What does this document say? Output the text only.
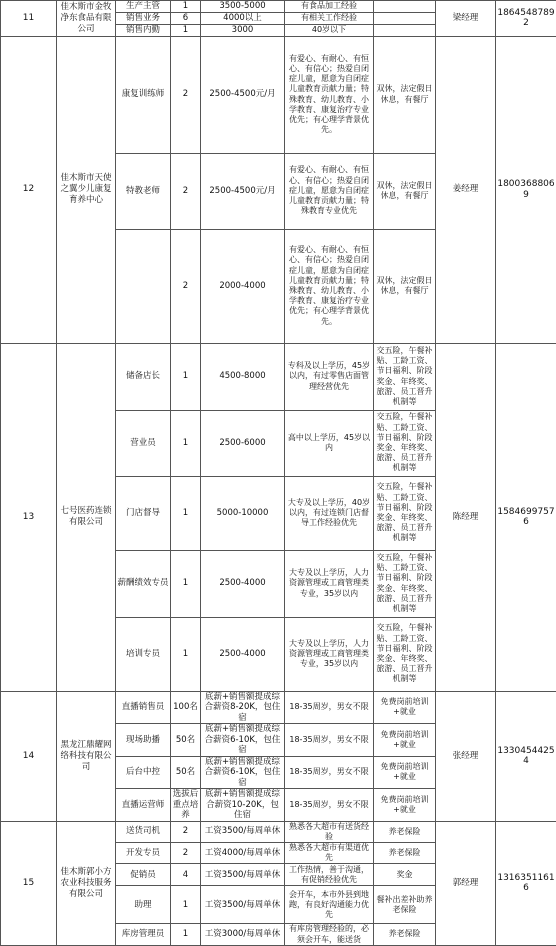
11	佳木斯市金牧净东食品有限公司	生产主管	1	3500-5000	有食品加工经验		梁经理	18645487892
		销售业务	6	4000以上	有相关工作经验			
		销售内勤	1	3000	40岁以下			
12	佳木斯市天使之翼少儿康复育养中心	康复训练师	2	2500-4500元/月	有爱心、有耐心、有恒心、有信心；热爱自闭症儿童，愿意为自闭症儿童教育贡献力量；特殊教育、幼儿教育、小学教育、康复治疗专业优先；有心理学背景优先。	双休，法定假日休息，有餐厅	姜经理	18003688069
		特教老师	2	2500-4500元/月	有爱心、有耐心、有恒心、有信心；热爱自闭症儿童，愿意为自闭症儿童教育贡献力量；特殊教育专业优先	双休，法定假日休息，有餐厅		
			2	2000-4000	有爱心、有耐心、有恒心、有信心；热爱自闭症儿童，愿意为自闭症儿童教育贡献力量；特殊教育、幼儿教育、小学教育、康复治疗专业优先；有心理学背景优先。	双休，法定假日休息，有餐厅		
13	七号医药连锁有限公司	储备店长	1	4500-8000	专科及以上学历，45岁以内，有过零售店面管理经营优先	交五险，午餐补贴、工龄工资、节日福利、阶段奖金、年终奖、旅游、员工晋升机制等	陈经理	15846997576
		营业员	1	2500-6000	高中以上学历，45岁以内	交五险，午餐补贴、工龄工资、节日福利、阶段奖金、年终奖、旅游、员工晋升机制等		
		门店督导	1	5000-10000	大专及以上学历，40岁以内，有过连锁门店督导工作经验优先	交五险，午餐补贴、工龄工资、节日福利、阶段奖金、年终奖、旅游、员工晋升机制等		
		薪酬绩效专员	1	2500-4000	大专及以上学历，人力资源管理或工商管理类专业，35岁以内	交五险，午餐补贴、工龄工资、节日福利、阶段奖金、年终奖、旅游、员工晋升机制等		
		培训专员	1	2500-4000	大专及以上学历，人力资源管理或工商管理类专业，35岁以内	交五险，午餐补贴、工龄工资、节日福利、阶段奖金、年终奖、旅游、员工晋升机制等		
14	黑龙江鼎耀网络科技有限公司	直播销售员	100名	底薪+销售额提成综合薪资8-20K，包住宿	18-35周岁，男女不限	免费岗前培训+就业	张经理	13304544254
		现场助播	50名	底薪+销售额提成综合薪资6-10K，包住宿	18-35周岁，男女不限	免费岗前培训+就业		
		后台中控	50名	底薪+销售额提成综合薪资6-10K，包住宿	18-35周岁，男女不限	免费岗前培训+就业		
		直播运营师	选拔后重点培养	底薪+销售额提成综合薪资10-20K，包住宿	18-35周岁，男女不限	免费岗前培训+就业		
15	佳木斯郭小方农业科技服务有限公司	送货司机	2	工资3500/每周单休	熟悉各大超市有送货经验	养老保险	郭经理	13163511616
		开发专员	2	工资4000/每周单休	熟悉各大超市有渠道优先	养老保险		
		促销员	4	工资3500/每周单休	工作热情，善于沟通，有促销经验优先	奖金		
		助理	1	工资3500/每周单休	会开车，本市外县到地跑，有良好沟通能力优先	餐补出差补助养老保险		
		库房管理员	1	工资3000/每周单休	有库房管理经验的，必须会开车，能送货	养老保险		
